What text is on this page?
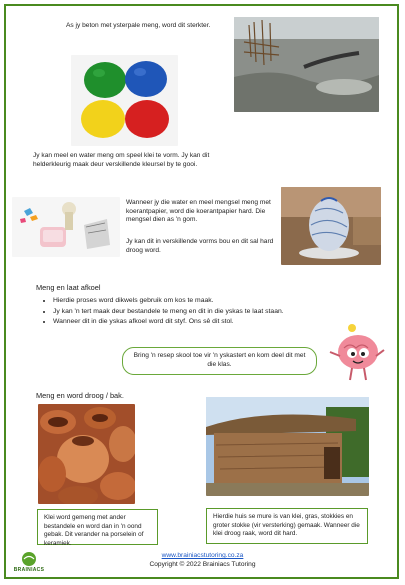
As jy beton met ysterpale meng, word dit sterkter.
Jy kan meel en water meng om speel klei te vorm. Jy kan dit helderkleurig maak deur verskillende kleursel by te gooi.
Wanneer jy die water en meel mengsel meng met koerantpapier, word die koerantpapier hard. Die mengsel dien as 'n gom.
Jy kan dit in verskillende vorms bou en dit sal hard droog word.
Meng en laat afkoel
• Hierdie proses word dikwels gebruik om kos te maak.
• Jy kan 'n tert maak deur bestandele te meng en dit in die yskas te laat staan.
• Wanneer dit in die yskas afkoel word dit styf. Ons sê dit stol.
Bring 'n resep skool toe vir 'n yskastert en kom deel dit met die klas.
Meng en word droog / bak.
Klei word gemeng met ander bestandele en word dan in 'n oond gebak. Dit verander na porselein of keramiek.
Hierdie huis se mure is van klei, gras, stokkies en groter stokke (vir versterking) gemaak. Wanneer die klei droog raak, word dit hard.
www.brainiacstutoring.co.za
Copyright © 2022 Brainiacs Tutoring
BRAINIACS
